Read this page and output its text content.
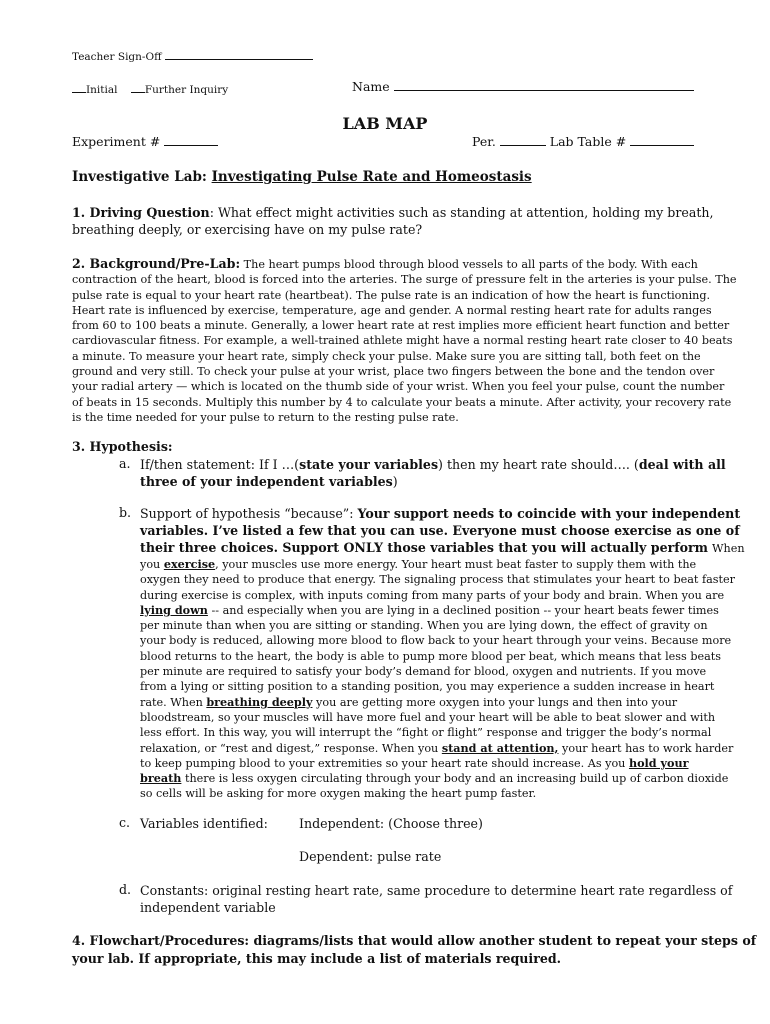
Teacher Sign-Off
Initial	Further Inquiry	Name
LAB MAP
Experiment #	Per.	Lab Table #
Investigative Lab: Investigating Pulse Rate and Homeostasis
1. Driving Question: What effect might activities such as standing at attention, holding my breath,
breathing deeply, or exercising have on my pulse rate?
2. Background/Pre-Lab: The heart pumps blood through blood vessels to all parts of the body. With each
contraction of the heart, blood is forced into the arteries. The surge of pressure felt in the arteries is your pulse. The
pulse rate is equal to your heart rate (heartbeat). The pulse rate is an indication of how the heart is functioning.
Heart rate is influenced by exercise, temperature, age and gender. A normal resting heart rate for adults ranges
from 60 to 100 beats a minute. Generally, a lower heart rate at rest implies more efficient heart function and better
cardiovascular fitness. For example, a well-trained athlete might have a normal resting heart rate closer to 40 beats
a minute. To measure your heart rate, simply check your pulse. Make sure you are sitting tall, both feet on the
ground and very still. To check your pulse at your wrist, place two fingers between the bone and the tendon over
your radial artery — which is located on the thumb side of your wrist. When you feel your pulse, count the number
of beats in 15 seconds. Multiply this number by 4 to calculate your beats a minute. After activity, your recovery rate
is the time needed for your pulse to return to the resting pulse rate.
3. Hypothesis:
a. If/then statement: If I …(state your variables) then my heart rate should…. (deal with all
three of your independent variables)
b. Support of hypothesis “because”: Your support needs to coincide with your independent
variables. I’ve listed a few that you can use. Everyone must choose exercise as one of
their three choices. Support ONLY those variables that you will actually perform When
you exercise, your muscles use more energy. Your heart must beat faster to supply them with the
oxygen they need to produce that energy. The signaling process that stimulates your heart to beat faster
during exercise is complex, with inputs coming from many parts of your body and brain. When you are
lying down -- and especially when you are lying in a declined position -- your heart beats fewer times
per minute than when you are sitting or standing. When you are lying down, the effect of gravity on
your body is reduced, allowing more blood to flow back to your heart through your veins. Because more
blood returns to the heart, the body is able to pump more blood per beat, which means that less beats
per minute are required to satisfy your body’s demand for blood, oxygen and nutrients. If you move
from a lying or sitting position to a standing position, you may experience a sudden increase in heart
rate. When breathing deeply you are getting more oxygen into your lungs and then into your
bloodstream, so your muscles will have more fuel and your heart will be able to beat slower and with
less effort. In this way, you will interrupt the “fight or flight” response and trigger the body’s normal
relaxation, or “rest and digest,” response. When you stand at attention, your heart has to work harder
to keep pumping blood to your extremities so your heart rate should increase. As you hold your
breath there is less oxygen circulating through your body and an increasing build up of carbon dioxide
so cells will be asking for more oxygen making the heart pump faster.
c. Variables identified: Independent: (Choose three)
Dependent: pulse rate
d. Constants: original resting heart rate, same procedure to determine heart rate regardless of
independent variable
4. Flowchart/Procedures: diagrams/lists that would allow another student to repeat your steps of
your lab. If appropriate, this may include a list of materials required.
